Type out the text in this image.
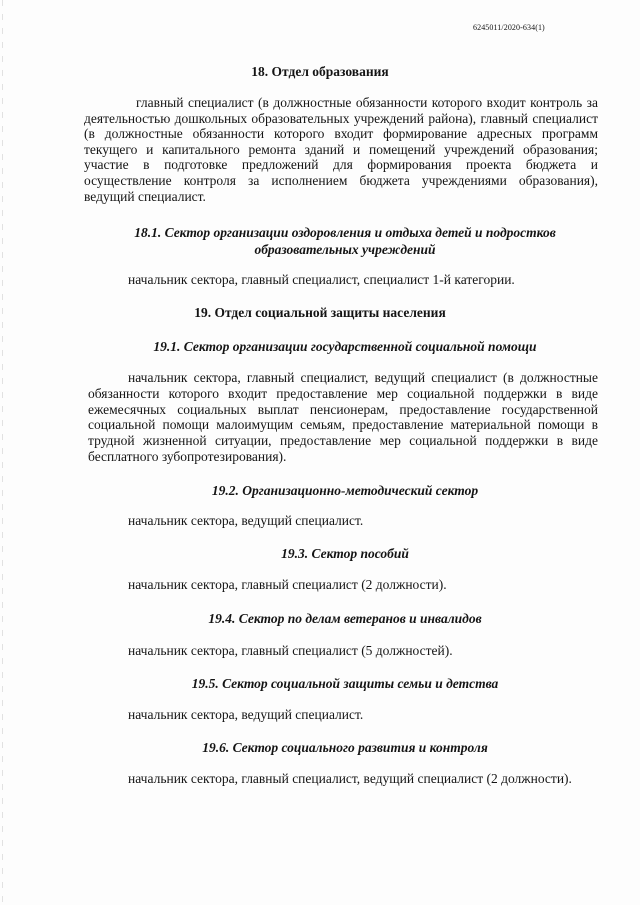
6245011/2020-634(1)
18. Отдел образования
главный специалист (в должностные обязанности которого входит контроль за деятельностью дошкольных образовательных учреждений района), главный специалист (в должностные обязанности которого входит формирование адресных программ текущего и капитального ремонта зданий и помещений учреждений образования; участие в подготовке предложений для формирования проекта бюджета и осуществление контроля за исполнением бюджета учреждениями образования), ведущий специалист.
18.1. Сектор организации оздоровления и отдыха детей и подростков образовательных учреждений
начальник сектора, главный специалист, специалист 1-й категории.
19. Отдел социальной защиты населения
19.1. Сектор организации государственной социальной помощи
начальник сектора, главный специалист, ведущий специалист (в должностные обязанности которого входит предоставление мер социальной поддержки в виде ежемесячных социальных выплат пенсионерам, предоставление государственной социальной помощи малоимущим семьям, предоставление материальной помощи в трудной жизненной ситуации, предоставление мер социальной поддержки в виде бесплатного зубопротезирования).
19.2. Организационно-методический сектор
начальник сектора, ведущий специалист.
19.3. Сектор пособий
начальник сектора, главный специалист (2 должности).
19.4. Сектор по делам ветеранов и инвалидов
начальник сектора, главный специалист (5 должностей).
19.5. Сектор социальной защиты семьи и детства
начальник сектора, ведущий специалист.
19.6. Сектор социального развития и контроля
начальник сектора, главный специалист, ведущий специалист (2 должности).
